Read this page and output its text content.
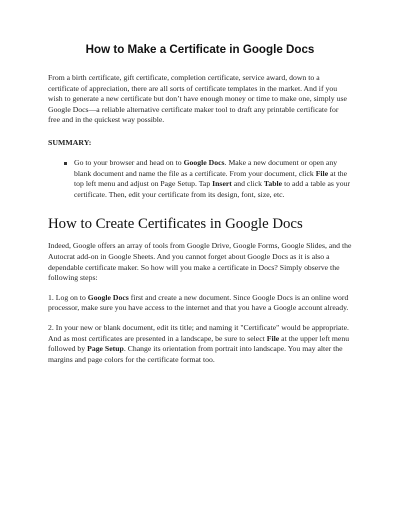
How to Make a Certificate in Google Docs

From a birth certificate, gift certificate, completion certificate, service award, down to a certificate of appreciation, there are all sorts of certificate templates in the market. And if you wish to generate a new certificate but don’t have enough money or time to make one, simply use Google Docs—a reliable alternative certificate maker tool to draft any printable certificate for free and in the quickest way possible.

SUMMARY:

Go to your browser and head on to Google Docs. Make a new document or open any blank document and name the file as a certificate. From your document, click File at the top left menu and adjust on Page Setup. Tap Insert and click Table to add a table as your certificate. Then, edit your certificate from its design, font, size, etc.
How to Create Certificates in Google Docs

Indeed, Google offers an array of tools from Google Drive, Google Forms, Google Slides, and the Autocrat add-on in Google Sheets. And you cannot forget about Google Docs as it is also a dependable certificate maker. So how will you make a certificate in Docs? Simply observe the following steps:

1. Log on to Google Docs first and create a new document. Since Google Docs is an online word processor, make sure you have access to the internet and that you have a Google account already.

2. In your new or blank document, edit its title; and naming it "Certificate" would be appropriate. And as most certificates are presented in a landscape, be sure to select File at the upper left menu followed by Page Setup. Change its orientation from portrait into landscape. You may alter the margins and page colors for the certificate format too.
